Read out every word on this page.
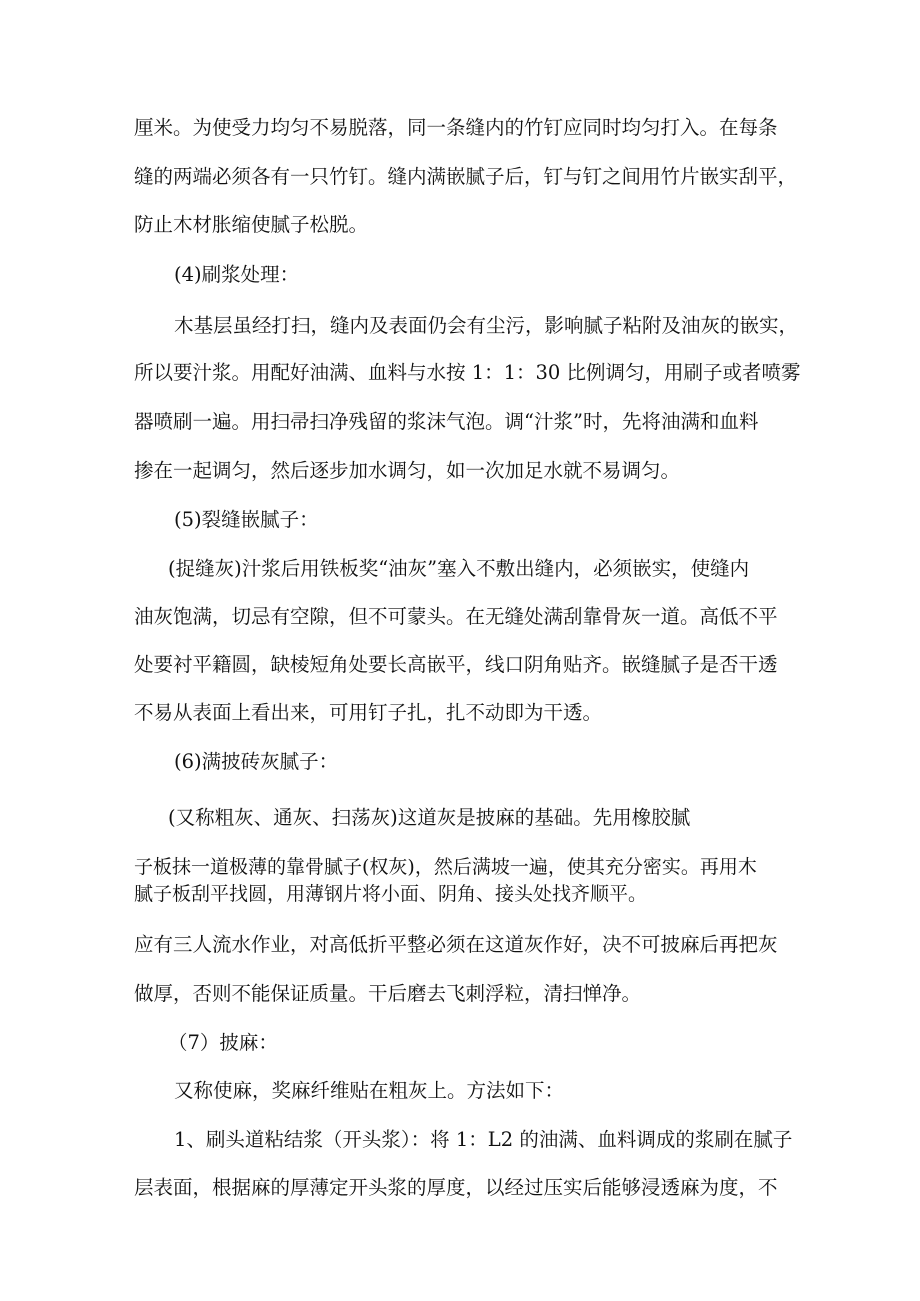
厘米。为使受力均匀不易脱落，同一条缝内的竹钉应同时均匀打入。在每条
缝的两端必须各有一只竹钉。缝内满嵌腻子后，钉与钉之间用竹片嵌实刮平，
防止木材胀缩使腻子松脱。
(4)刷浆处理：
木基层虽经打扫，缝内及表面仍会有尘污，影响腻子粘附及油灰的嵌实，
所以要汁浆。用配好油满、血料与水按 1：1：30 比例调匀，用刷子或者喷雾
器喷刷一遍。用扫帚扫净残留的浆沫气泡。调“汁浆”时，先将油满和血料
掺在一起调匀，然后逐步加水调匀，如一次加足水就不易调匀。
(5)裂缝嵌腻子：
(捉缝灰)汁浆后用铁板奖“油灰”塞入不敷出缝内，必须嵌实，使缝内
油灰饱满，切忌有空隙，但不可蒙头。在无缝处满刮靠骨灰一道。高低不平
处要衬平籍圆，缺棱短角处要长高嵌平，线口阴角贴齐。嵌缝腻子是否干透
不易从表面上看出来，可用钉子扎，扎不动即为干透。
(6)满披砖灰腻子：
(又称粗灰、通灰、扫荡灰)这道灰是披麻的基础。先用橡胶腻
子板抹一道极薄的靠骨腻子(权灰)，然后满坡一遍，使其充分密实。再用木
腻子板刮平找圆，用薄钢片将小面、阴角、接头处找齐顺平。
应有三人流水作业，对高低折平整必须在这道灰作好，决不可披麻后再把灰
做厚，否则不能保证质量。干后磨去飞刺浮粒，清扫惮净。
（7）披麻：
又称使麻，奖麻纤维贴在粗灰上。方法如下：
1、刷头道粘结浆（开头浆）：将 1：L2 的油满、血料调成的浆刷在腻子
层表面，根据麻的厚薄定开头浆的厚度，以经过压实后能够浸透麻为度，不
